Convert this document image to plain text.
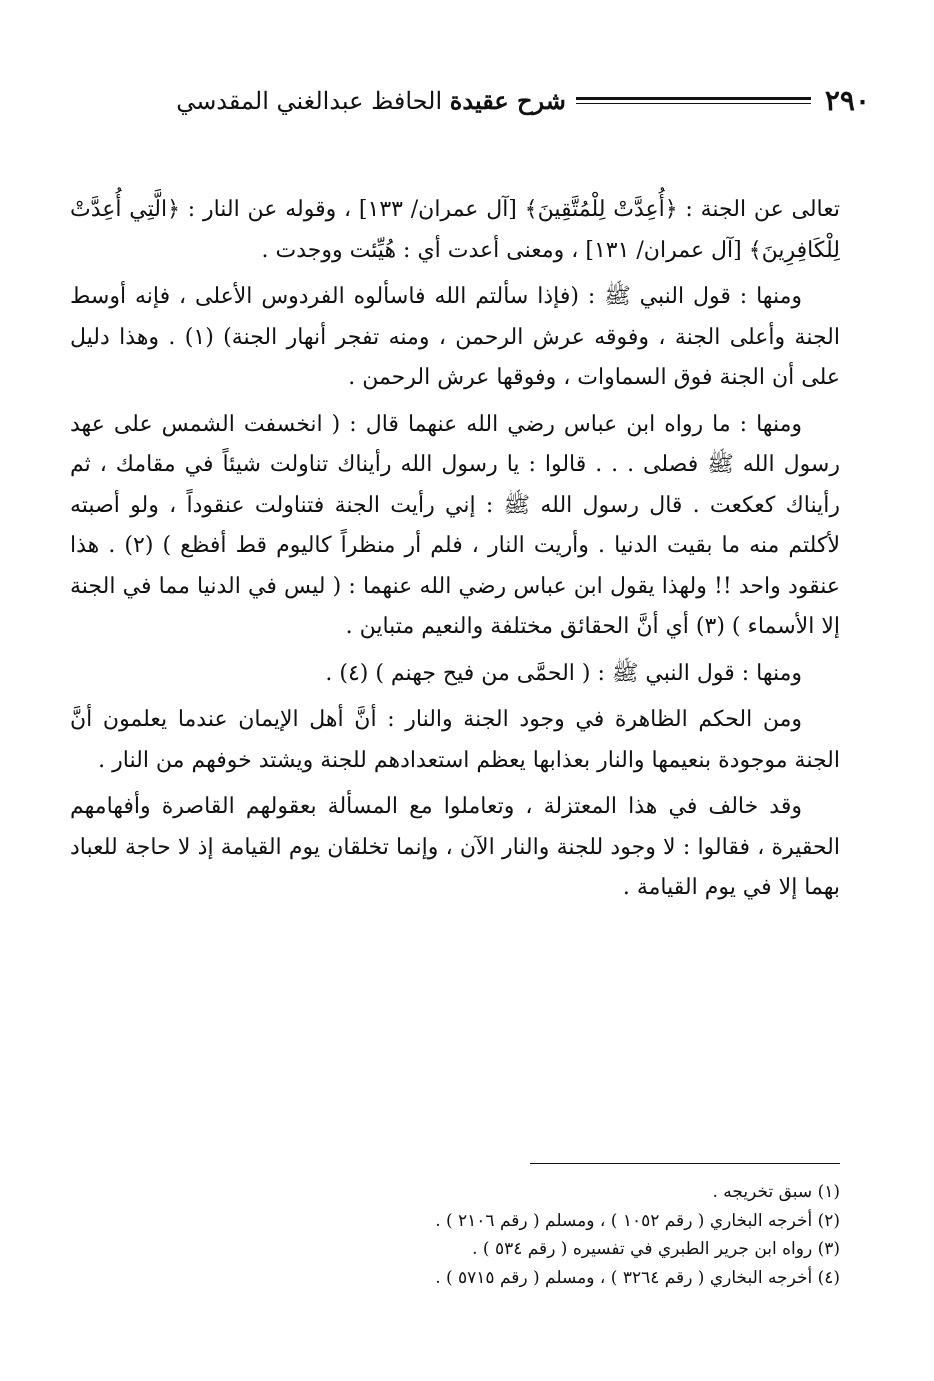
٢٩٠
شرح عقيدة الحافظ عبدالغني المقدسي

تعالى عن الجنة : ﴿أُعِدَّتْ لِلْمُتَّقِينَ﴾ [آل عمران/ ١٣٣] ، وقوله عن النار : ﴿الَّتِي أُعِدَّتْ لِلْكَافِرِينَ﴾ [آل عمران/ ١٣١] ، ومعنى أعدت أي : هُيِّئت ووجدت .

ومنها : قول النبي ﷺ : (فإذا سألتم الله فاسألوه الفردوس الأعلى ، فإنه أوسط الجنة وأعلى الجنة ، وفوقه عرش الرحمن ، ومنه تفجر أنهار الجنة) (١) . وهذا دليل على أن الجنة فوق السماوات ، وفوقها عرش الرحمن .

ومنها : ما رواه ابن عباس رضي الله عنهما قال : ( انخسفت الشمس على عهد رسول الله ﷺ فصلى . . . قالوا : يا رسول الله رأيناك تناولت شيئاً في مقامك ، ثم رأيناك كعكعت . قال رسول الله ﷺ : إني رأيت الجنة فتناولت عنقوداً ، ولو أصبته لأكلتم منه ما بقيت الدنيا . وأريت النار ، فلم أر منظراً كاليوم قط أفظع ) (٢) . هذا عنقود واحد !! ولهذا يقول ابن عباس رضي الله عنهما : ( ليس في الدنيا مما في الجنة إلا الأسماء ) (٣) أي أنَّ الحقائق مختلفة والنعيم متباين .

ومنها : قول النبي ﷺ : ( الحمَّى من فيح جهنم ) (٤) .

ومن الحكم الظاهرة في وجود الجنة والنار : أنَّ أهل الإيمان عندما يعلمون أنَّ الجنة موجودة بنعيمها والنار بعذابها يعظم استعدادهم للجنة ويشتد خوفهم من النار .

وقد خالف في هذا المعتزلة ، وتعاملوا مع المسألة بعقولهم القاصرة وأفهامهم الحقيرة ، فقالوا : لا وجود للجنة والنار الآن ، وإنما تخلقان يوم القيامة إذ لا حاجة للعباد بهما إلا في يوم القيامة .

(١) سبق تخريجه .
(٢) أخرجه البخاري ( رقم ١٠٥٢ ) ، ومسلم ( رقم ٢١٠٦ ) .
(٣) رواه ابن جرير الطبري في تفسيره ( رقم ٥٣٤ ) .
(٤) أخرجه البخاري ( رقم ٣٢٦٤ ) ، ومسلم ( رقم ٥٧١٥ ) .
